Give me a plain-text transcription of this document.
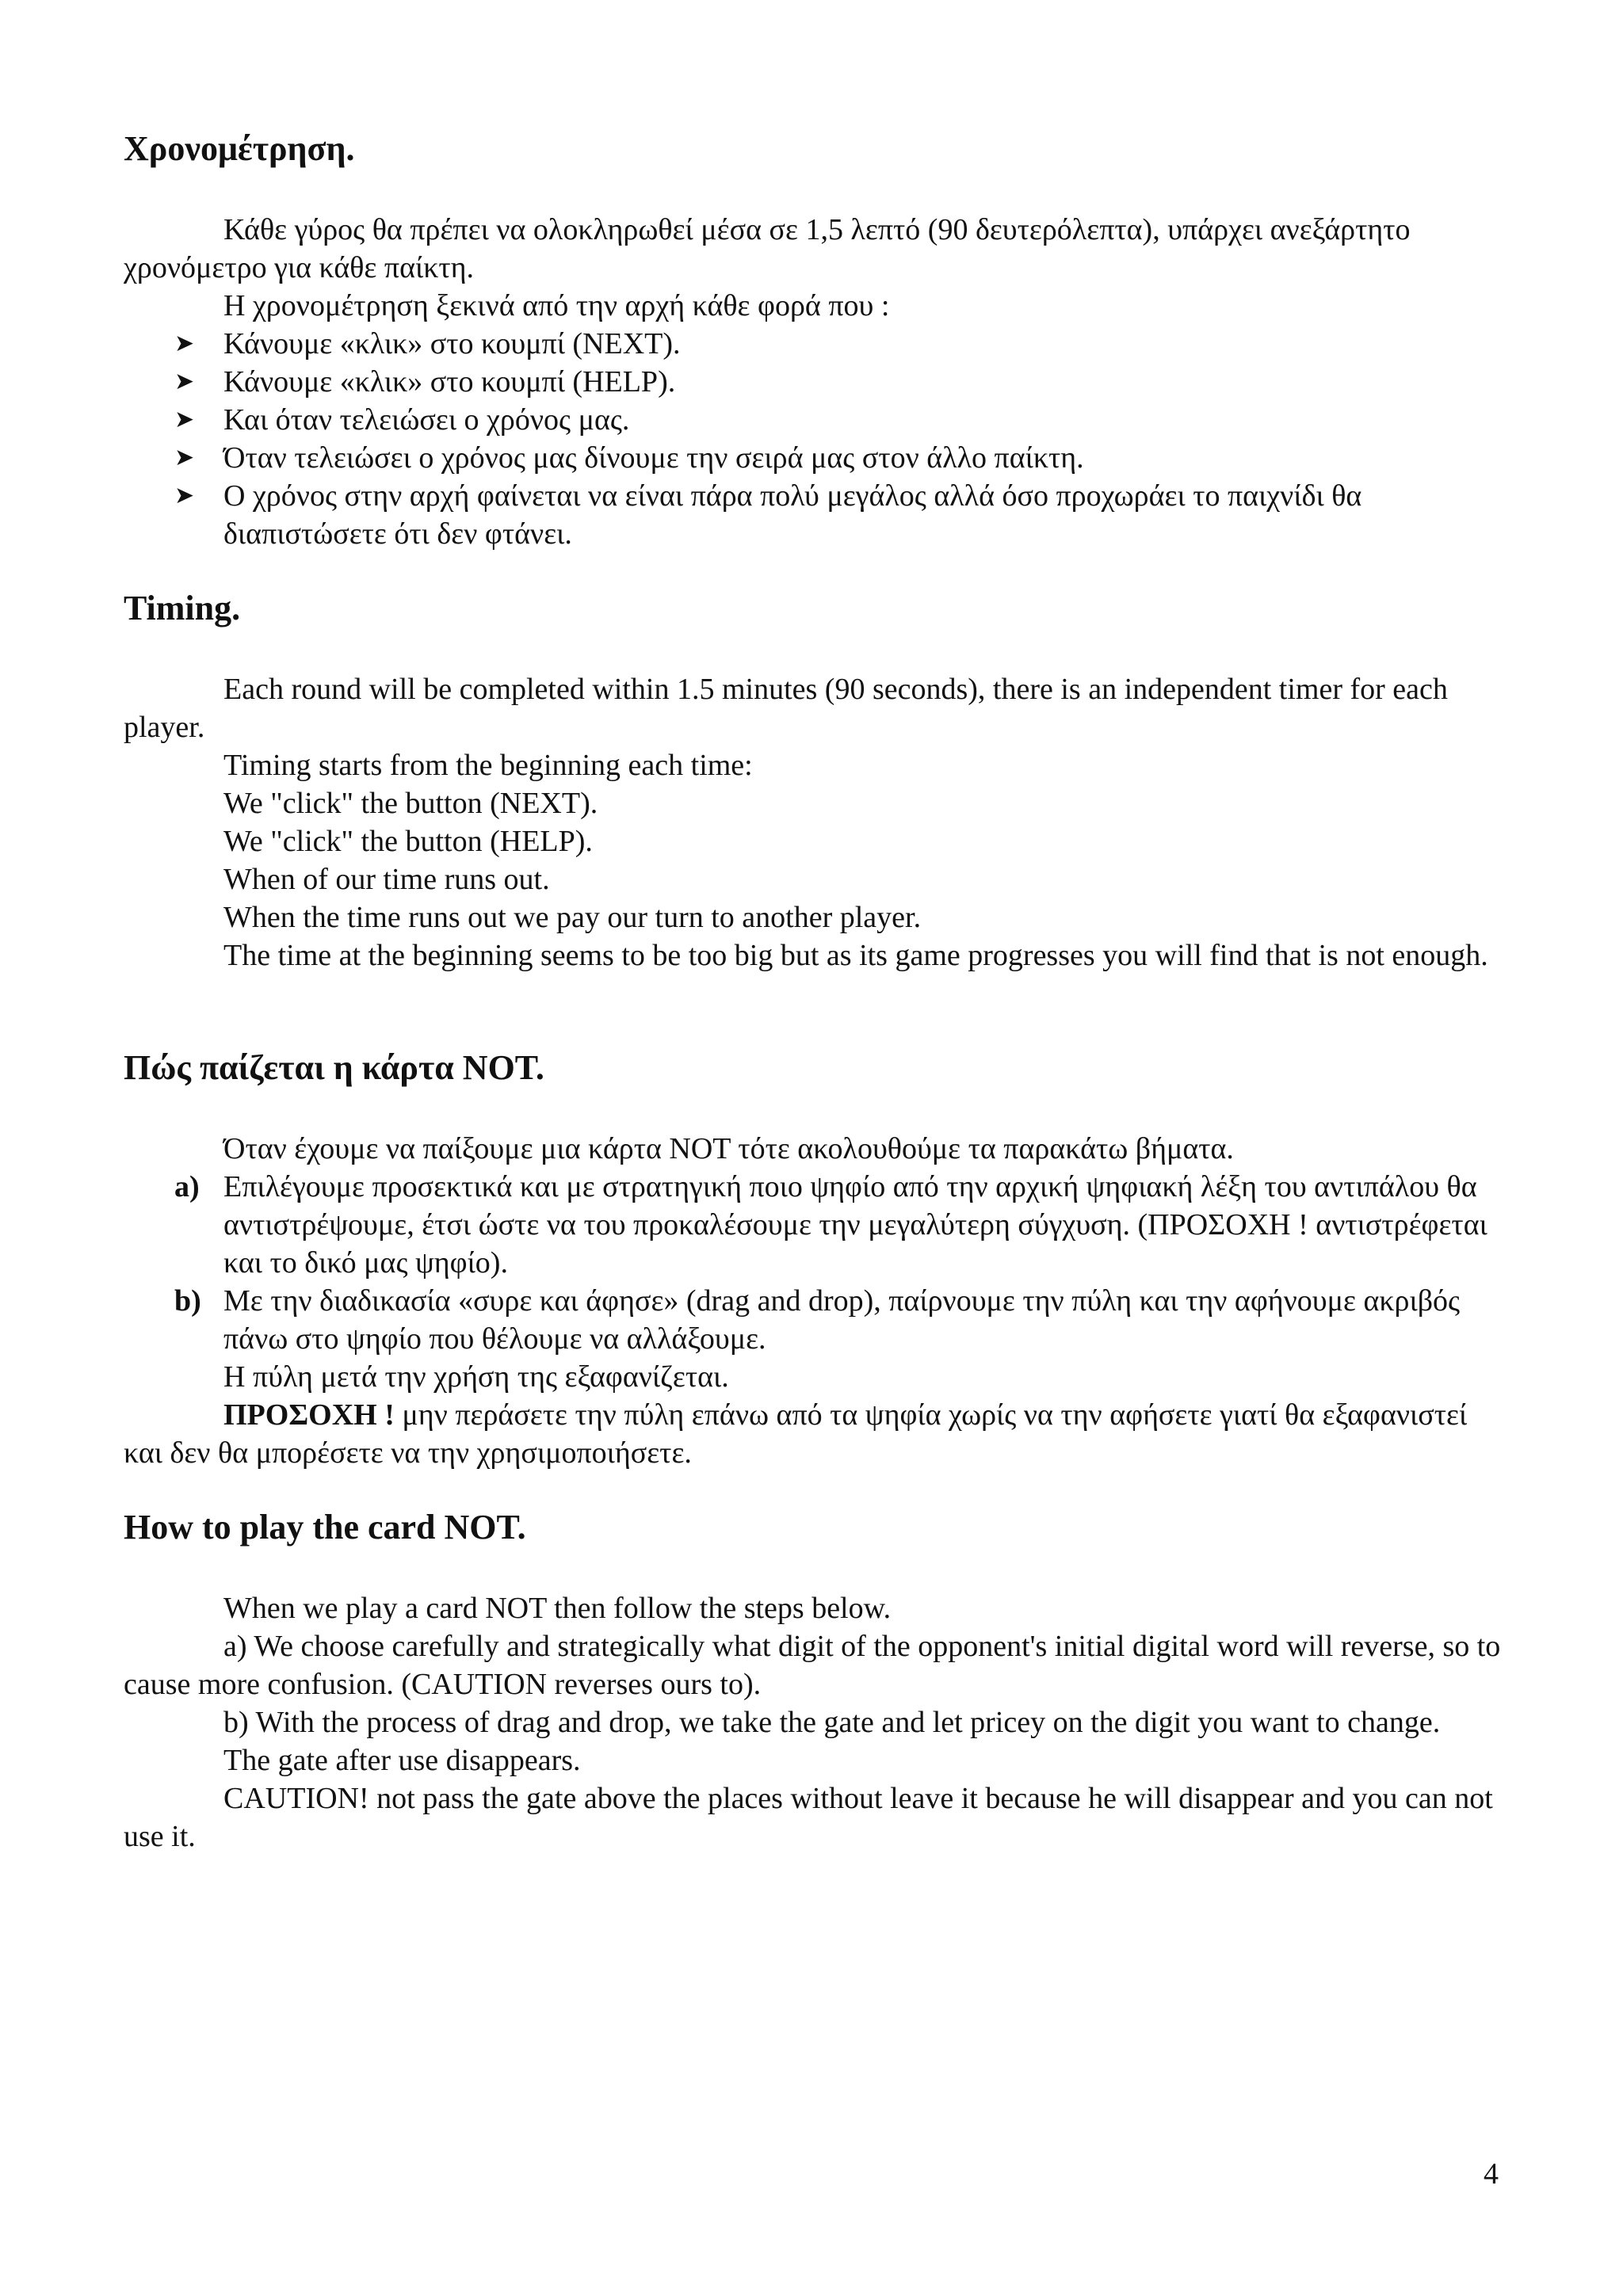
Χρονομέτρηση.

Κάθε γύρος θα πρέπει να ολοκληρωθεί μέσα σε 1,5 λεπτό (90 δευτερόλεπτα), υπάρχει ανεξάρτητο χρονόμετρο για κάθε παίκτη.

Η χρονομέτρηση ξεκινά από την αρχή κάθε φορά που :

➤ Κάνουμε «κλικ» στο κουμπί (NEXT).
➤ Κάνουμε «κλικ» στο κουμπί (HELP).
➤ Και όταν τελειώσει ο χρόνος μας.
➤ Όταν τελειώσει ο χρόνος μας δίνουμε την σειρά μας στον άλλο παίκτη.
➤ Ο χρόνος στην αρχή φαίνεται να είναι πάρα πολύ μεγάλος αλλά όσο προχωράει το παιχνίδι θα διαπιστώσετε ότι δεν φτάνει.
Timing.

Each round will be completed within 1.5 minutes (90 seconds), there is an independent timer for each player.

Timing starts from the beginning each time:

We "click" the button (NEXT).

We "click" the button (HELP).

When of our time runs out.

When the time runs out we pay our turn to another player.

The time at the beginning seems to be too big but as its game progresses you will find that is not enough.

Πώς παίζεται η κάρτα NOT.

Όταν έχουμε να παίξουμε μια κάρτα NOT τότε ακολουθούμε τα παρακάτω βήματα.

a) Επιλέγουμε προσεκτικά και με στρατηγική ποιο ψηφίο από την αρχική ψηφιακή λέξη του αντιπάλου θα αντιστρέψουμε, έτσι ώστε να του προκαλέσουμε την μεγαλύτερη σύγχυση. (ΠΡΟΣΟΧΗ ! αντιστρέφεται και το δικό μας ψηφίο).
b) Με την διαδικασία «συρε και άφησε» (drag and drop), παίρνουμε την πύλη και την αφήνουμε ακριβός πάνω στο ψηφίο που θέλουμε να αλλάξουμε.

Η πύλη μετά την χρήση της εξαφανίζεται.

ΠΡΟΣΟΧΗ ! μην περάσετε την πύλη επάνω από τα ψηφία χωρίς να την αφήσετε γιατί θα εξαφανιστεί και δεν θα μπορέσετε να την χρησιμοποιήσετε.

How to play the card NOT.

When we play a card NOT then follow the steps below.

a) We choose carefully and strategically what digit of the opponent's initial digital word will reverse, so to cause more confusion. (CAUTION reverses ours to).

b) With the process of drag and drop, we take the gate and let pricey on the digit you want to change.

The gate after use disappears.

CAUTION! not pass the gate above the places without leave it because he will disappear and you can not use it.

4
